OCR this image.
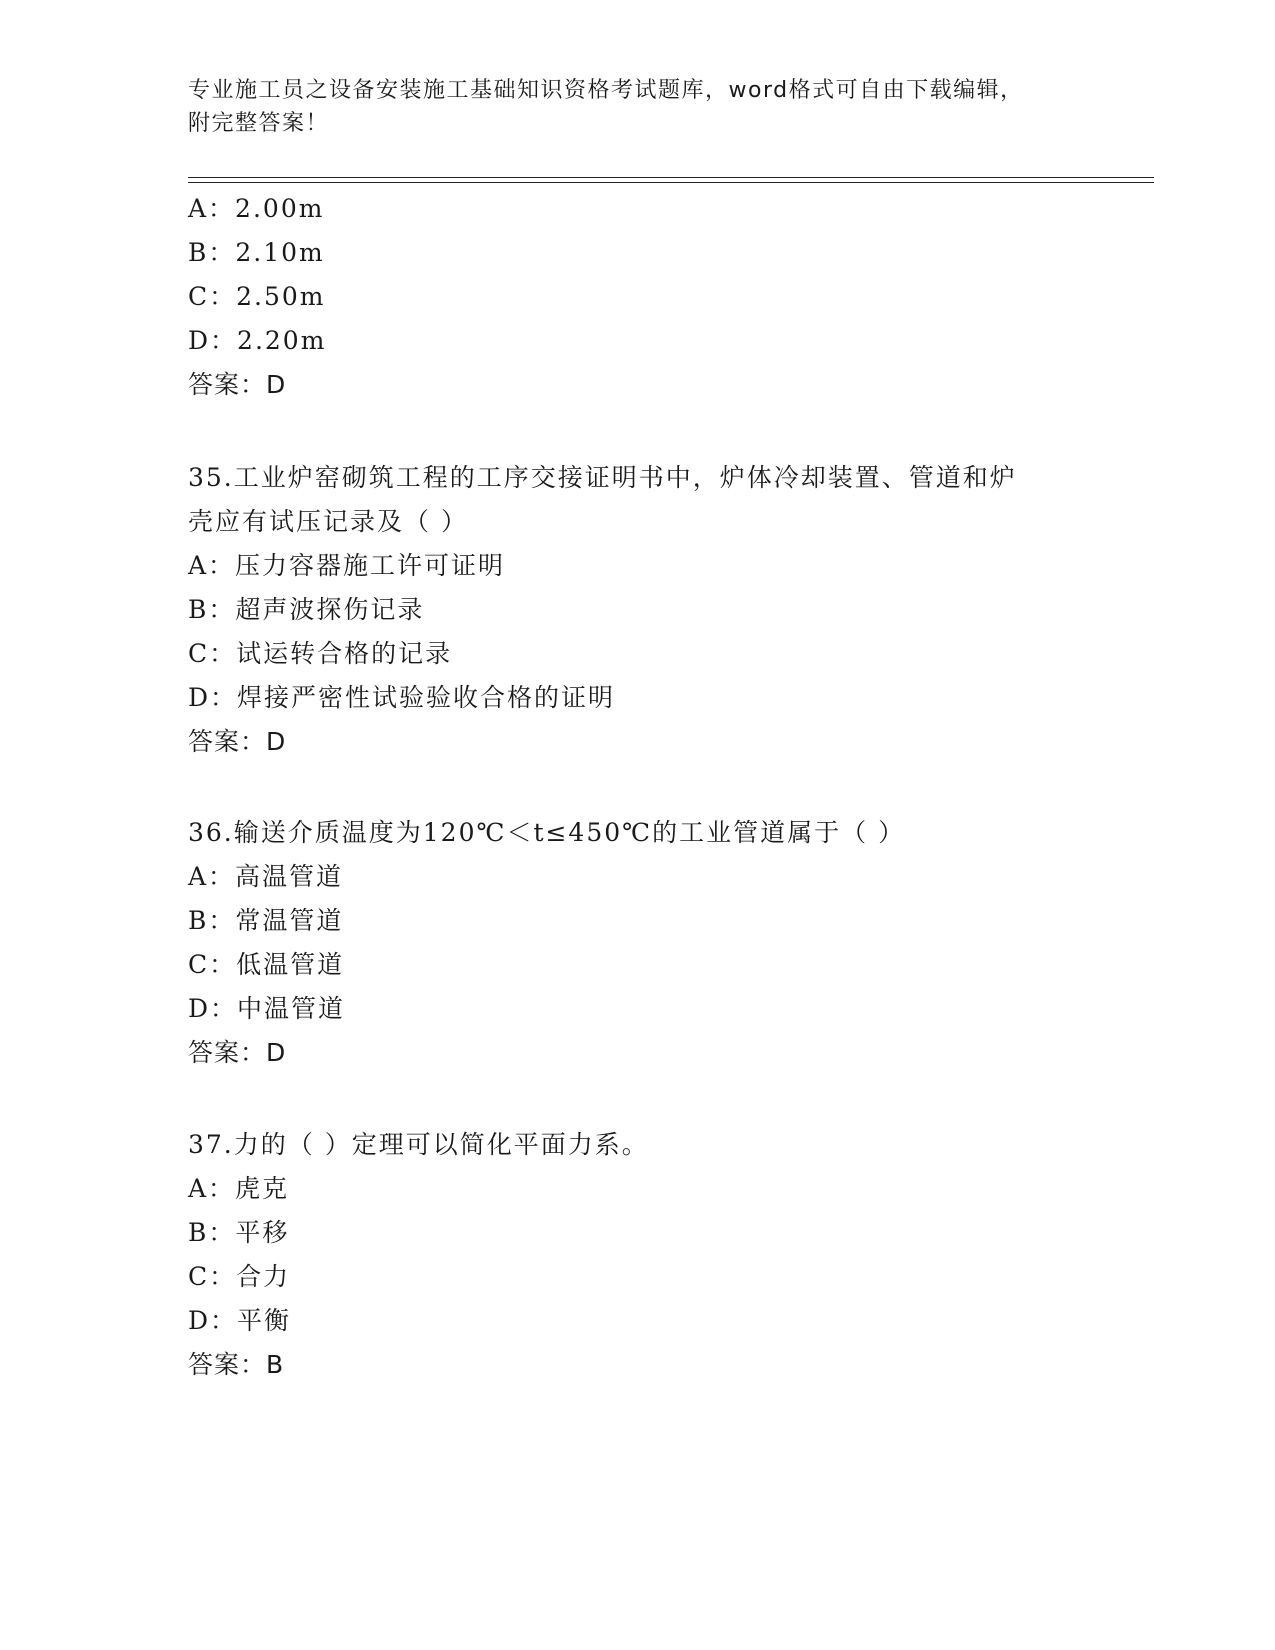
专业施工员之设备安装施工基础知识资格考试题库，word格式可自由下载编辑，
附完整答案！
A：2.00m
B：2.10m
C：2.50m
D：2.20m
答案：D
35.工业炉窑砌筑工程的工序交接证明书中，炉体冷却装置、管道和炉
壳应有试压记录及（ ）
A：压力容器施工许可证明
B：超声波探伤记录
C：试运转合格的记录
D：焊接严密性试验验收合格的证明
答案：D
36.输送介质温度为120℃＜t≤450℃的工业管道属于（ ）
A：高温管道
B：常温管道
C：低温管道
D：中温管道
答案：D
37.力的（ ）定理可以简化平面力系。
A：虎克
B：平移
C：合力
D：平衡
答案：B
